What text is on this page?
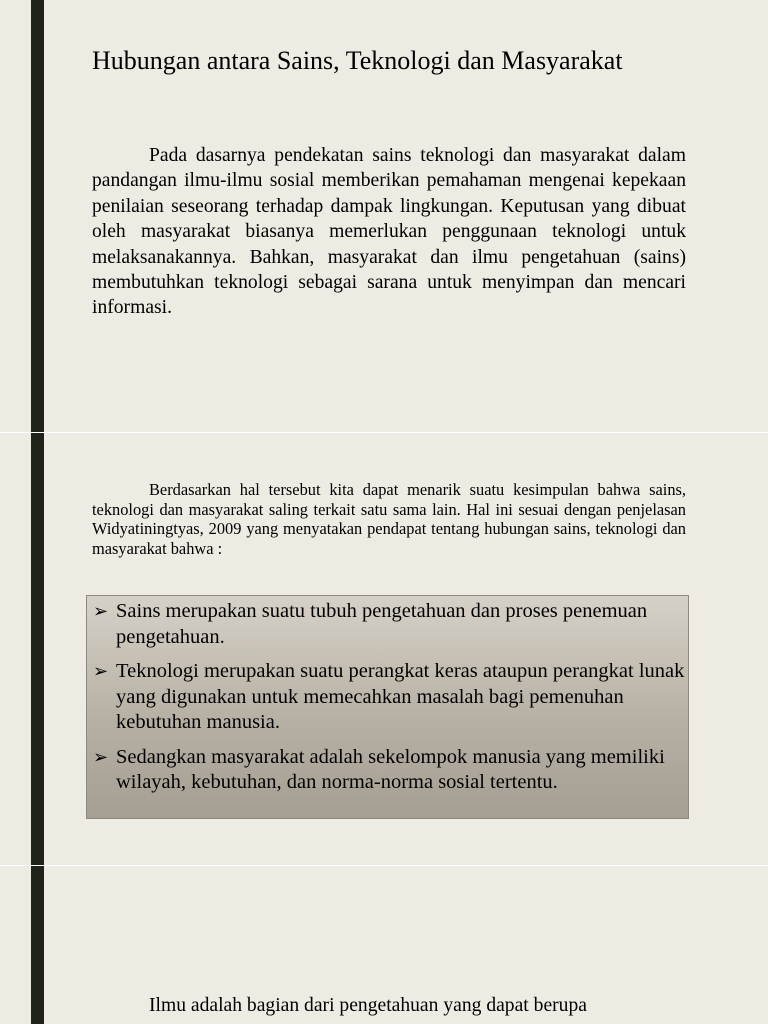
Hubungan antara Sains, Teknologi dan Masyarakat

Pada dasarnya pendekatan sains teknologi dan masyarakat dalam pandangan ilmu-ilmu sosial memberikan pemahaman mengenai kepekaan penilaian seseorang terhadap dampak lingkungan. Keputusan yang dibuat oleh masyarakat biasanya memerlukan penggunaan teknologi untuk melaksanakannya. Bahkan, masyarakat dan ilmu pengetahuan (sains) membutuhkan teknologi sebagai sarana untuk menyimpan dan mencari informasi.

Berdasarkan hal tersebut kita dapat menarik suatu kesimpulan bahwa sains, teknologi dan masyarakat saling terkait satu sama lain. Hal ini sesuai dengan penjelasan Widyatiningtyas, 2009 yang menyatakan pendapat tentang hubungan sains, teknologi dan masyarakat bahwa :

➢ Sains merupakan suatu tubuh pengetahuan dan proses penemuan pengetahuan.
➢ Teknologi merupakan suatu perangkat keras ataupun perangkat lunak yang digunakan untuk memecahkan masalah bagi pemenuhan kebutuhan manusia.
➢ Sedangkan masyarakat adalah sekelompok manusia yang memiliki wilayah, kebutuhan, dan norma-norma sosial tertentu.

Ilmu adalah bagian dari pengetahuan yang dapat berupa
